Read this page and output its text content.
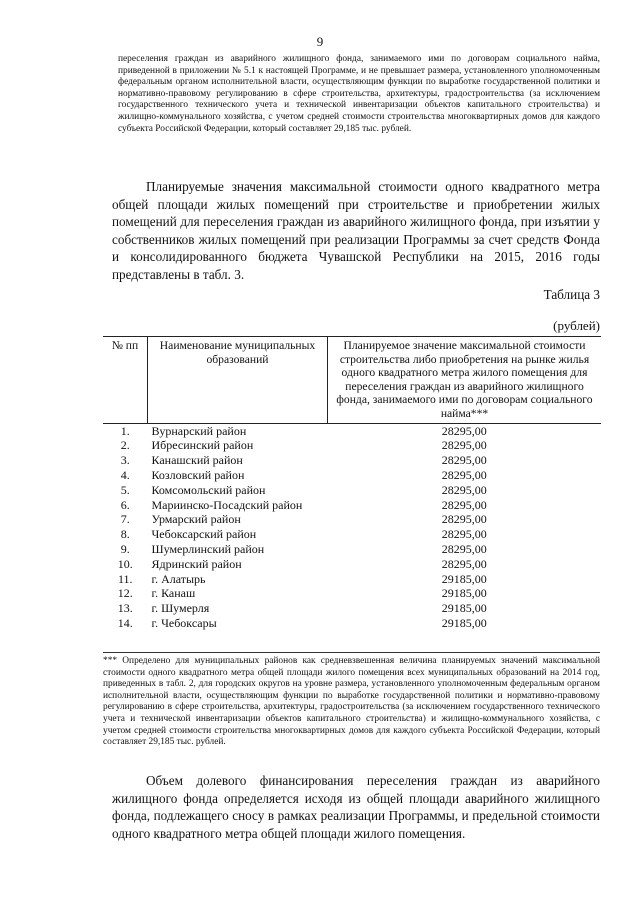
9
переселения граждан из аварийного жилищного фонда, занимаемого ими по договорам социального найма, приведенной в приложении № 5.1 к настоящей Программе, и не превышает размера, установленного уполномоченным федеральным органом исполнительной власти, осуществляющим функции по выработке государственной политики и нормативно-правовому регулированию в сфере строительства, архитектуры, градостроительства (за исключением государственного технического учета и технической инвентаризации объектов капитального строительства) и жилищно-коммунального хозяйства, с учетом средней стоимости строительства многоквартирных домов для каждого субъекта Российской Федерации, который составляет 29,185 тыс. рублей.
Планируемые значения максимальной стоимости одного квадратного метра общей площади жилых помещений при строительстве и приобретении жилых помещений для переселения граждан из аварийного жилищного фонда, при изъятии у собственников жилых помещений при реализации Программы за счет средств Фонда и консолидированного бюджета Чувашской Республики на 2015, 2016 годы представлены в табл. 3.
Таблица 3
(рублей)
№ пп	Наименование муниципальных образований	Планируемое значение максимальной стоимости строительства либо приобретения на рынке жилья одного квадратного метра жилого помещения для переселения граждан из аварийного жилищного фонда, занимаемого ими по договорам социального найма***
1.	Вурнарский район	28295,00
2.	Ибресинский район	28295,00
3.	Канашский район	28295,00
4.	Козловский район	28295,00
5.	Комсомольский район	28295,00
6.	Мариинско-Посадский район	28295,00
7.	Урмарский район	28295,00
8.	Чебоксарский район	28295,00
9.	Шумерлинский район	28295,00
10.	Ядринский район	28295,00
11.	г. Алатырь	29185,00
12.	г. Канаш	29185,00
13.	г. Шумерля	29185,00
14.	г. Чебоксары	29185,00
*** Определено для муниципальных районов как средневзвешенная величина планируемых значений максимальной стоимости одного квадратного метра общей площади жилого помещения всех муниципальных образований на 2014 год, приведенных в табл. 2, для городских округов на уровне размера, установленного уполномоченным федеральным органом исполнительной власти, осуществляющим функции по выработке государственной политики и нормативно-правовому регулированию в сфере строительства, архитектуры, градостроительства (за исключением государственного технического учета и технической инвентаризации объектов капитального строительства) и жилищно-коммунального хозяйства, с учетом средней стоимости строительства многоквартирных домов для каждого субъекта Российской Федерации, который составляет 29,185 тыс. рублей.
Объем долевого финансирования переселения граждан из аварийного жилищного фонда определяется исходя из общей площади аварийного жилищного фонда, подлежащего сносу в рамках реализации Программы, и предельной стоимости одного квадратного метра общей площади жилого помещения.
